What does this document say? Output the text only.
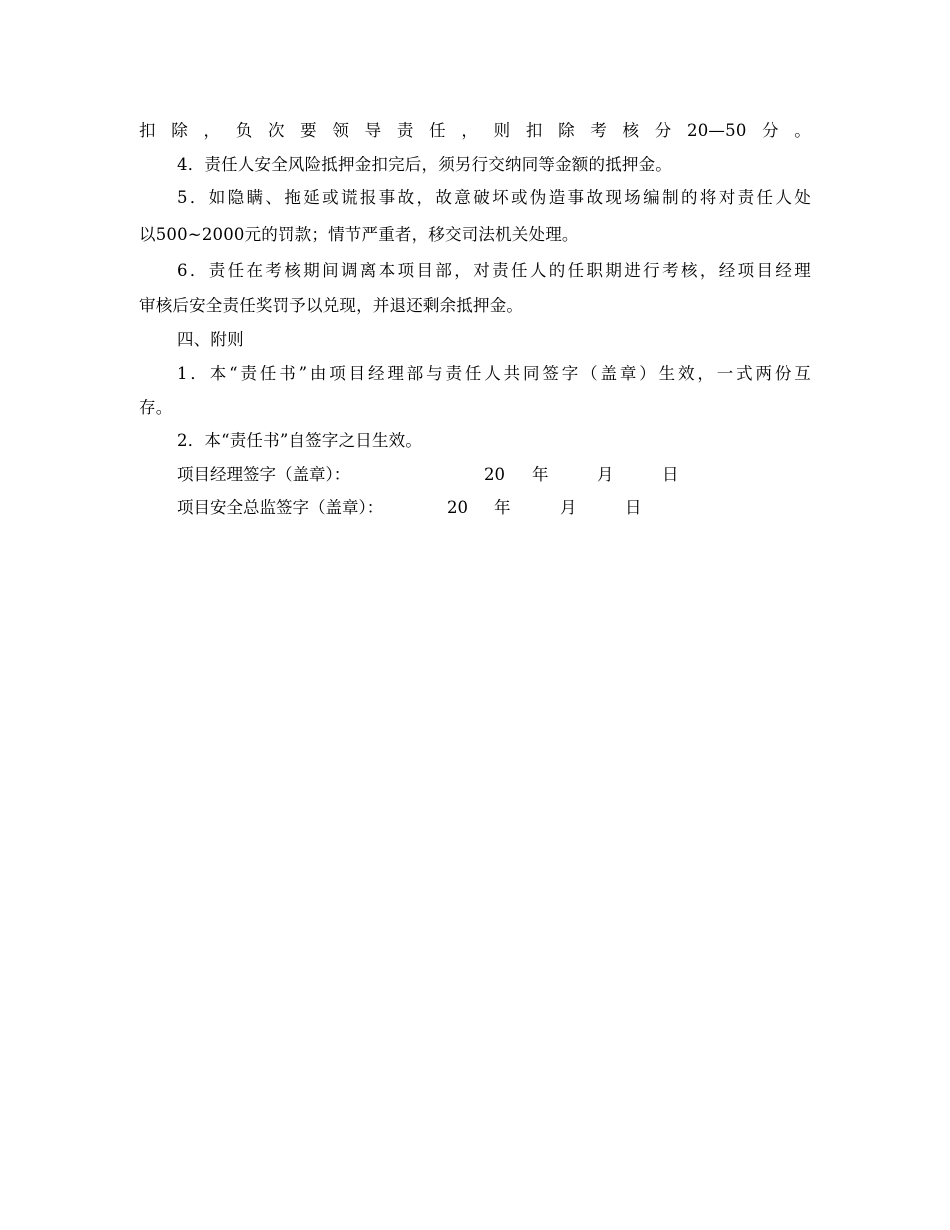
扣除，负次要领导责任，则扣除考核分20—50分。
4．责任人安全风险抵押金扣完后，须另行交纳同等金额的抵押金。
5．如隐瞒、拖延或谎报事故，故意破坏或伪造事故现场编制的将对责任人处
以500~2000元的罚款；情节严重者，移交司法机关处理。
6．责任在考核期间调离本项目部，对责任人的任职期进行考核，经项目经理
审核后安全责任奖罚予以兑现，并退还剩余抵押金。
四、附则
1．本“责任书”由项目经理部与责任人共同签字（盖章）生效，一式两份互
存。
2．本“责任书”自签字之日生效。
项目经理签字（盖章）：	20 年	月	日
项目安全总监签字（盖章）：	20 年	月	日
